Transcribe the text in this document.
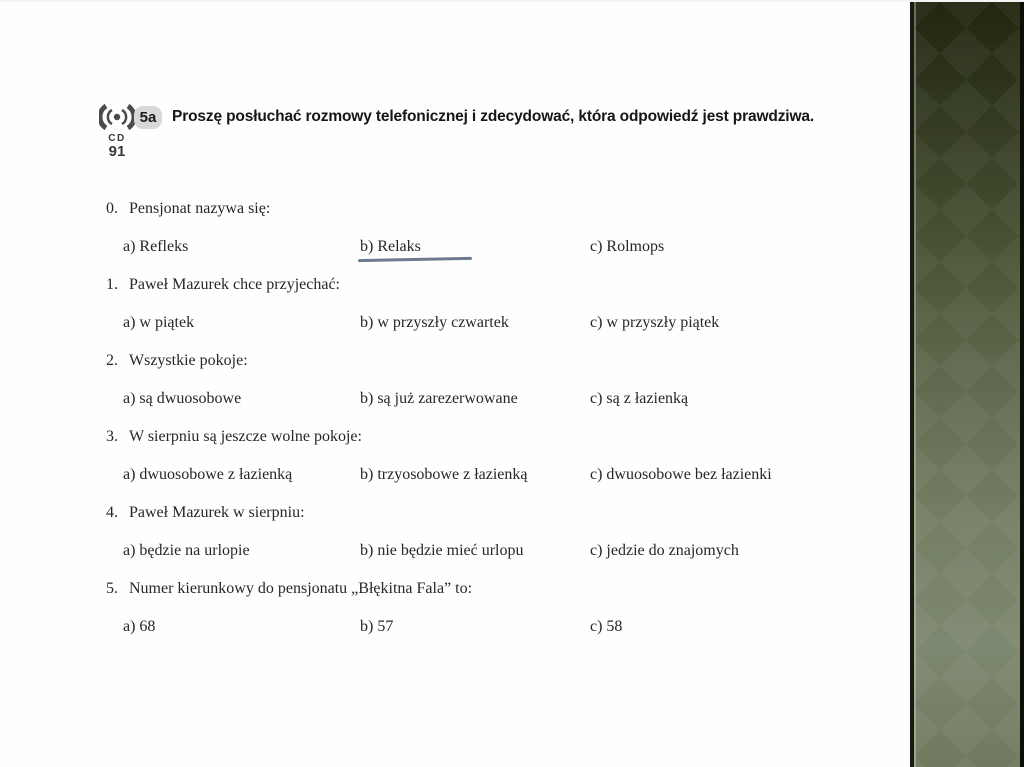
CD
91
5a	Proszę posłuchać rozmowy telefonicznej i zdecydować, która odpowiedź jest prawdziwa.
0. Pensjonat nazywa się:
a) Refleks	b) Relaks	c) Rolmops
1. Paweł Mazurek chce przyjechać:
a) w piątek	b) w przyszły czwartek	c) w przyszły piątek
2. Wszystkie pokoje:
a) są dwuosobowe	b) są już zarezerwowane	c) są z łazienką
3. W sierpniu są jeszcze wolne pokoje:
a) dwuosobowe z łazienką	b) trzyosobowe z łazienką	c) dwuosobowe bez łazienki
4. Paweł Mazurek w sierpniu:
a) będzie na urlopie	b) nie będzie mieć urlopu	c) jedzie do znajomych
5. Numer kierunkowy do pensjonatu „Błękitna Fala” to:
a) 68	b) 57	c) 58
